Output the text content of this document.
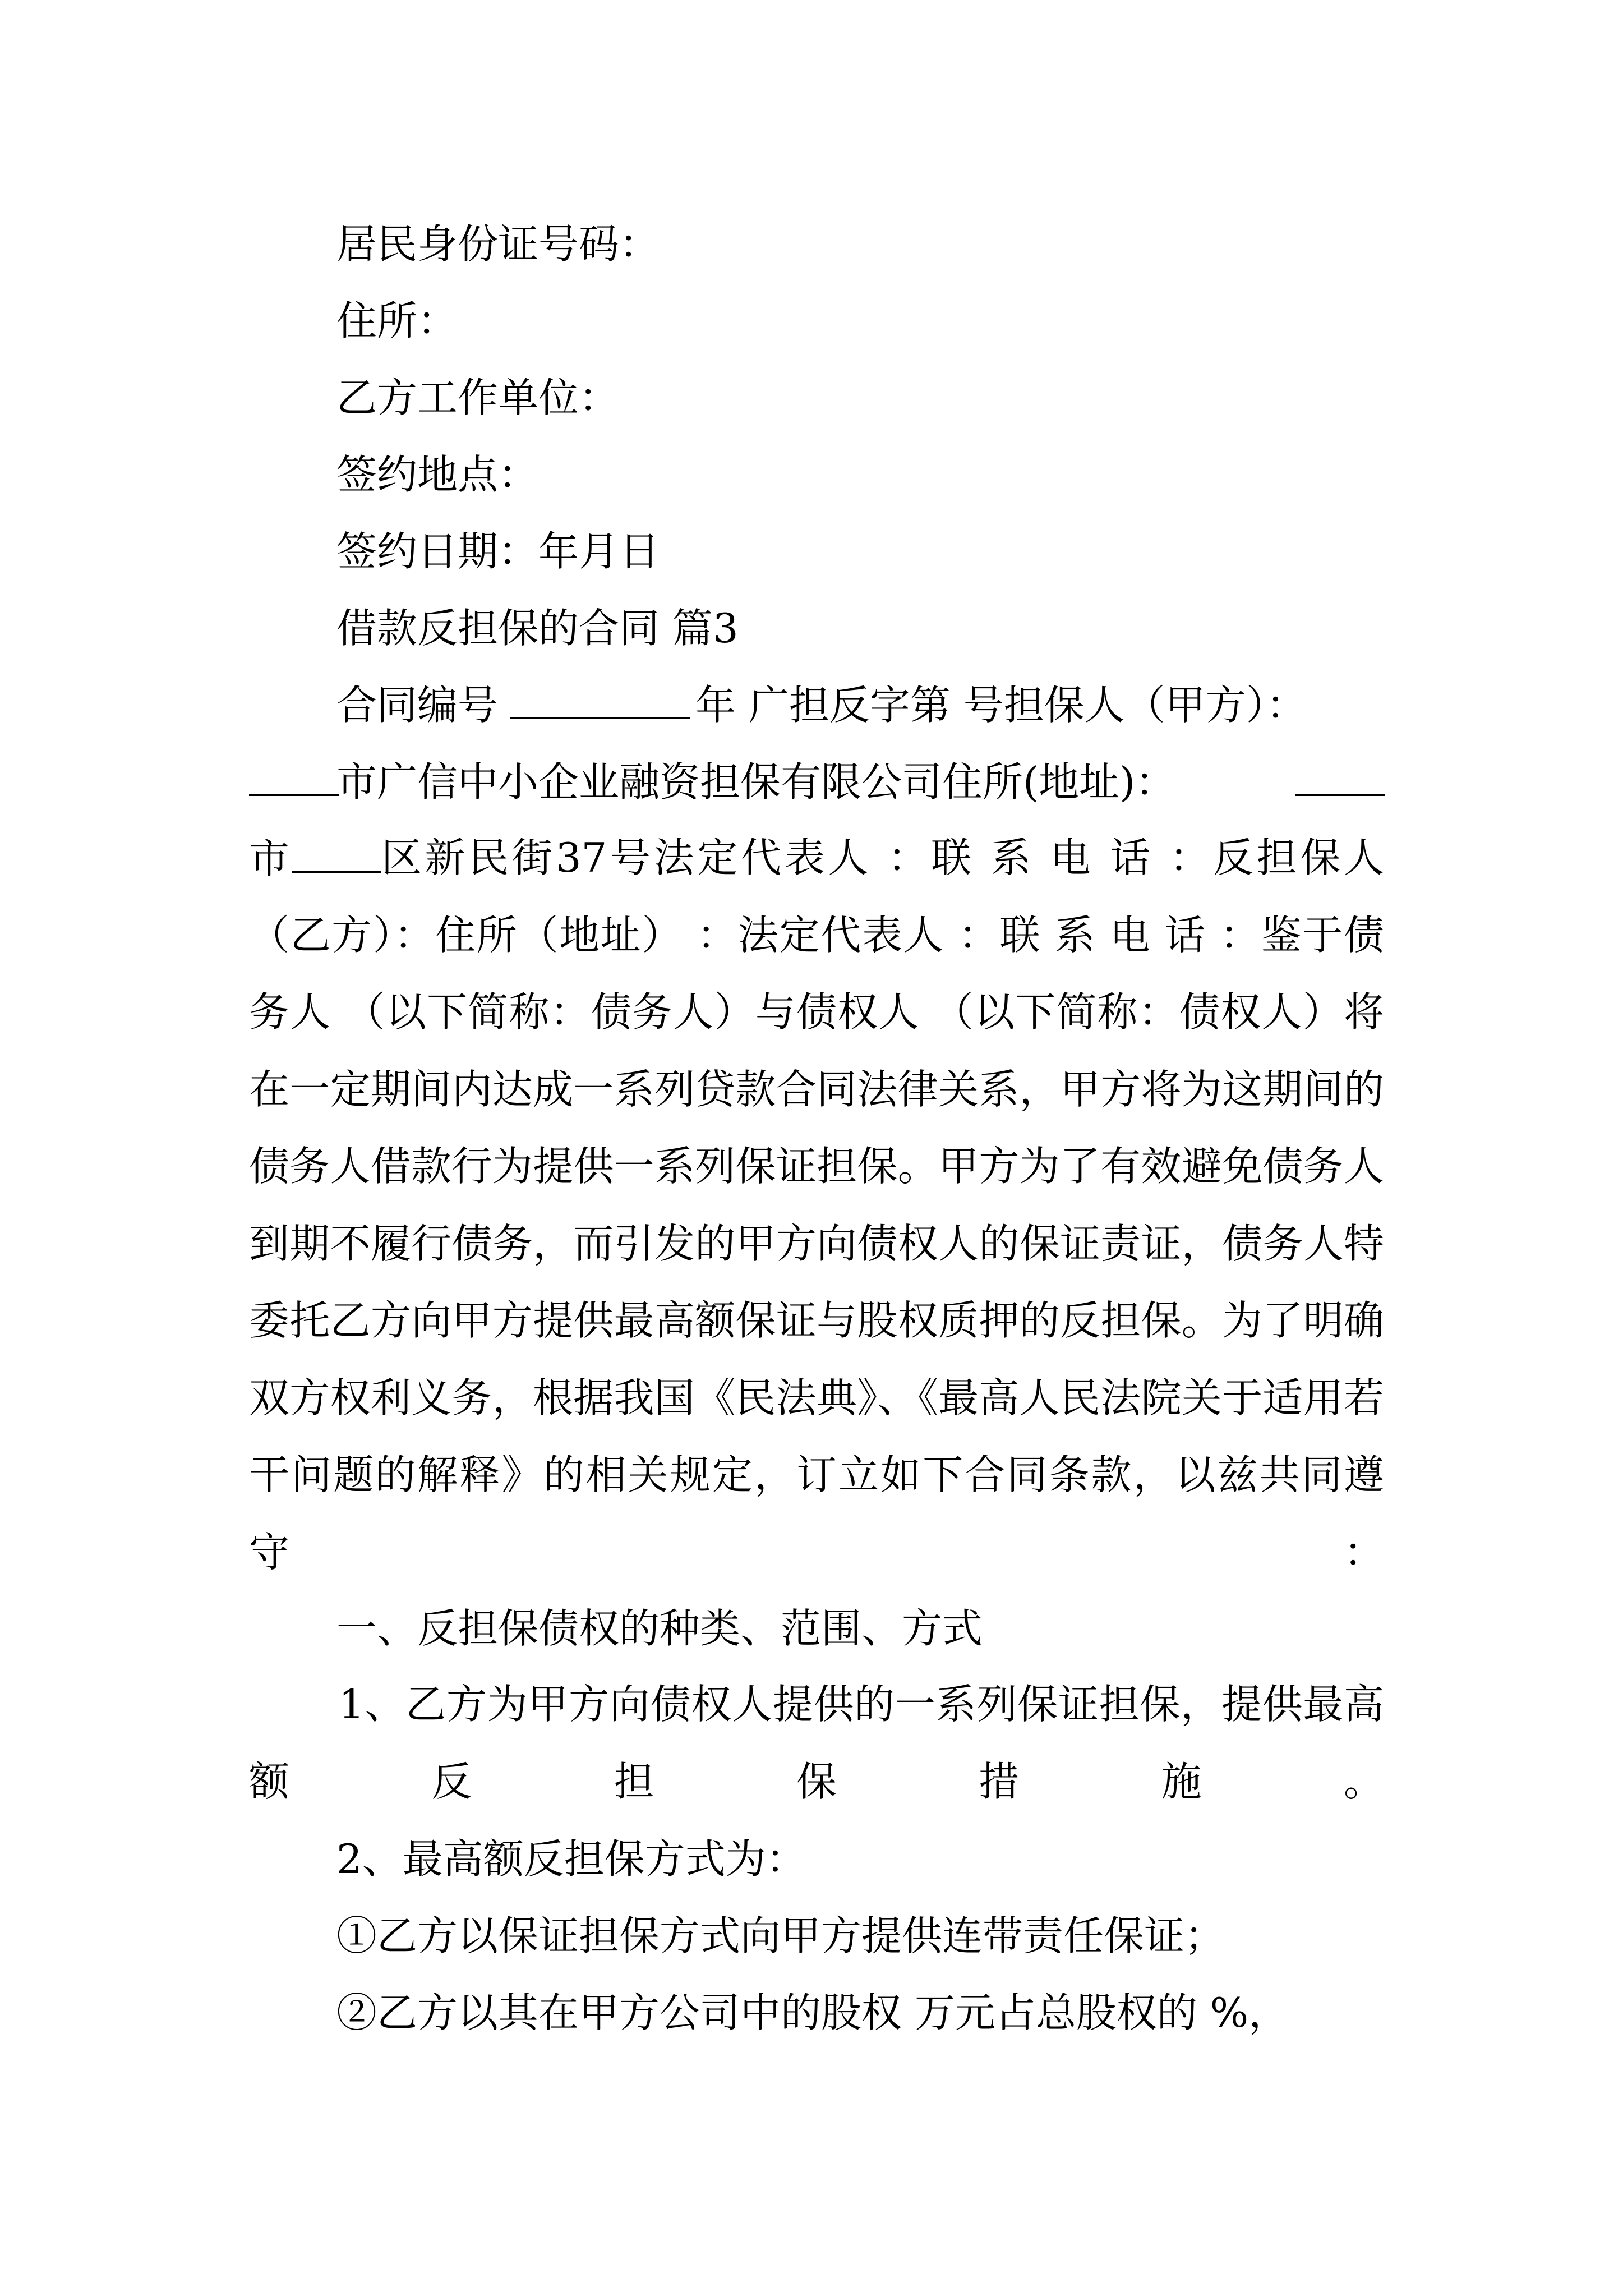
居民身份证号码：
住所：
乙方工作单位：
签约地点：
签约日期：年月日
借款反担保的合同 篇3
合同编号	年 广担反字第 号担保人（甲方）：
市广信中小企业融资担保有限公司住所(地址)：
市	区新民街37号法定代表人 ：联 系 电 话 ：反担保人（乙方）：住所（地址） ：法定代表人 ：联 系 电 话 ：鉴于债务人 （以下简称：债务人）与债权人 （以下简称：债权人）将在一定期间内达成一系列贷款合同法律关系，甲方将为这期间的债务人借款行为提供一系列保证担保。甲方为了有效避免债务人到期不履行债务，而引发的甲方向债权人的保证责证，债务人特委托乙方向甲方提供最高额保证与股权质押的反担保。为了明确双方权利义务，根据我国《民法典》、《最高人民法院关于适用若干问题的解释》的相关规定，订立如下合同条款，以兹共同遵守：
一、反担保债权的种类、范围、方式
1、乙方为甲方向债权人提供的一系列保证担保，提供最高额反担保措施。
2、最高额反担保方式为：
①乙方以保证担保方式向甲方提供连带责任保证；
②乙方以其在甲方公司中的股权 万元占总股权的 %，
